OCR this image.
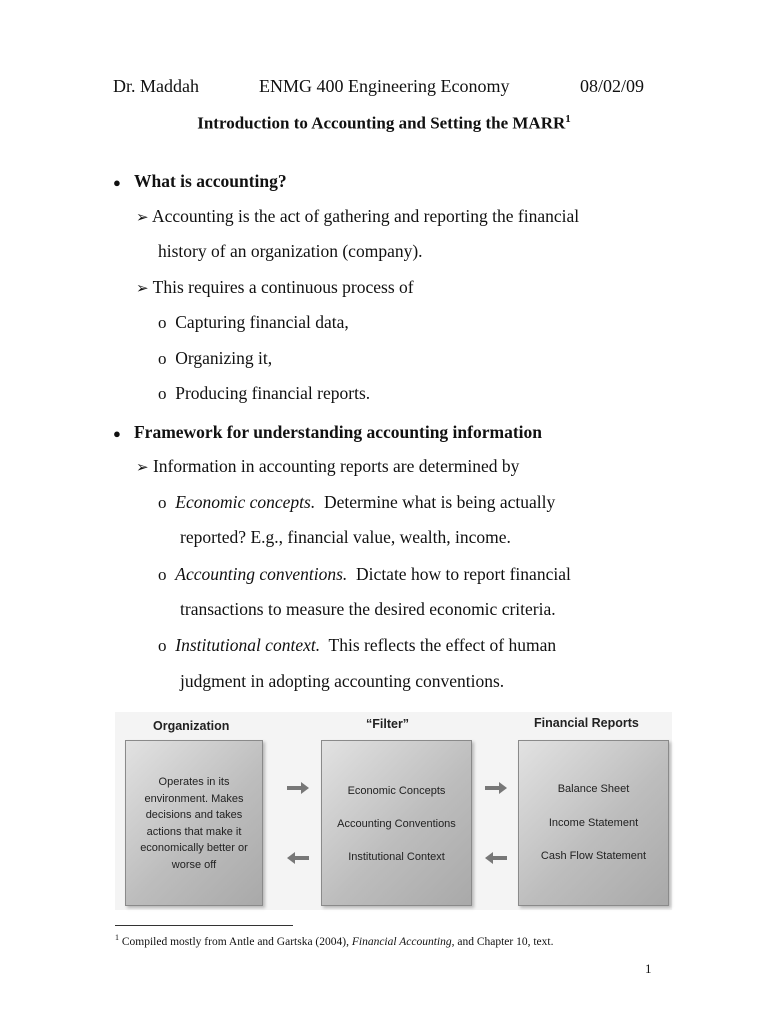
Dr. Maddah	ENMG 400 Engineering Economy	08/02/09
Introduction to Accounting and Setting the MARR$^1$
● What is accounting?
➢ Accounting is the act of gathering and reporting the financial
history of an organization (company).
➢ This requires a continuous process of
o Capturing financial data,
o Organizing it,
o Producing financial reports.
● Framework for understanding accounting information
➢ Information in accounting reports are determined by
o Economic concepts.  Determine what is being actually
reported? E.g., financial value, wealth, income.
o Accounting conventions.  Dictate how to report financial
transactions to measure the desired economic criteria.
o Institutional context.  This reflects the effect of human
judgment in adopting accounting conventions.
Organization	“Filter”	Financial Reports
Operates in its
environment. Makes
decisions and takes
actions that make it
economically better or
worse off
Economic Concepts
Accounting Conventions
Institutional Context
Balance Sheet
Income Statement
Cash Flow Statement
$^1$ Compiled mostly from Antle and Gartska (2004), Financial Accounting, and Chapter 10, text.
1
